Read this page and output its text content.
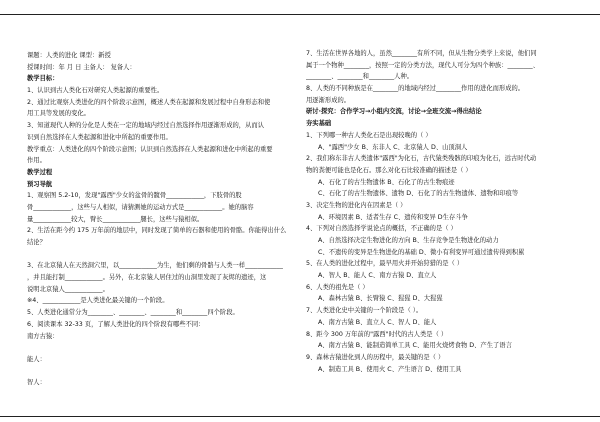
课题：人类的进化 课型：新授
授课时间：年 月 日 主备人： 复备人：
教学目标：
1、认识到古人类化石对研究人类起源的重要性。
2、通过比观察人类进化的四个阶段示意图，概述人类在起源和发展过程中自身形态和使
用工具等发展的变化。
3、知道现代人种的分化是人类在一定的地域内经过自然选择作用逐渐形成的，从而认
识到自然选择在人类起源和进化中所起的重要作用。
教学重点：人类进化的四个阶段示意图；认识到自然选择在人类起源和进化中所起的重要
作用。
教学过程
预习导航
1、观察图 5.2-10，发现"露西"少女的盆骨的髋骨____________，下肢骨的股
骨____________，这些与人相似，请猜测她的运动方式是____________。她的脑容
量____________较大，臂长____________腿长，这些与猿相似。
2、生活在距今约 175 万年前的地层中，同时发现了简单的石器和使用的骨骼。你能得出什么
结论？
3、在北京猿人在天然洞穴里，以____________为生，他们剩的骨骼与人类一样____________
，并且能打制____________。另外，在北京猿人居住过的山洞里发现了灰烬的遗迹，这
说明北京猿人____________。
※4、____________是人类进化最关键的一个阶段。
5、人类进化通常分为________、________、________和________四个阶段。
6、阅读课本 32-33 页，了解人类进化的四个阶段有哪些不同：
南方古猿：
能人：
智人：
7、生活在世界各地的人，虽然________有所不同，但从生物分类学上来说，他们同
属于一个物种________，按照一定的分类方法，现代人可分为四个种族：________、
________、________和________人种。
8、人类的不同种族是在________的地域内经过________作用的进化而形成的。
用逐渐形成的。
研讨·探究：合作学习→小组内交流，讨论→全班交流→得出结论
夯实基础
1、下列哪一种古人类化石是出现较晚的（ ）
A、"露西"少女 B、东非人 C、北京猿人 D、山顶洞人
2、我们称东非古人类遗体"露西"为化石，古代猿类残骸的印痕为化石，远古时代动
物的粪便可能也是化石。那么对化石比较准确的描述是（ ）
A、石化了的古生物遗体 B、石化了的古生物痕迹
C、石化了的古生物遗体、遗物 D、石化了的古生物遗体、遗物和印痕等
3、决定生物的进化内在因素是（ ）
A、环境因素 B、适者生存 C、遗传和变异 D生存斗争
4、下列对自然选择学说论点的概括，不正确的是（ ）
A、自然选择决定生物进化的方向 B、生存竞争是生物进化的动力
C、不遗传的变异是生物进化的基础 D、微小有利变异可通过遗传得到积累
5、在人类的进化过程中，最早用火并开始狩猎的是（ ）
A、智人 B、能人 C、南方古猿 D、直立人
6、人类的祖先是（ ）
A、森林古猿 B、长臂猿 C、猩猩 D、大猩猩
7、人类进化史中关键的一个阶段是（ ）。
A、南方古猿 B、直立人 C、智人 D、能人
8、距今 300 万年前的"露西"时代的古人类是（ ）
A、南方古猿 B、能制造简单工具 C、能用火烧烤食物 D、产生了语言
9、森林古猿进化到人的历程中，最关键的是（ ）
A、制造工具 B、使用火 C、产生语言 D、使用工具
